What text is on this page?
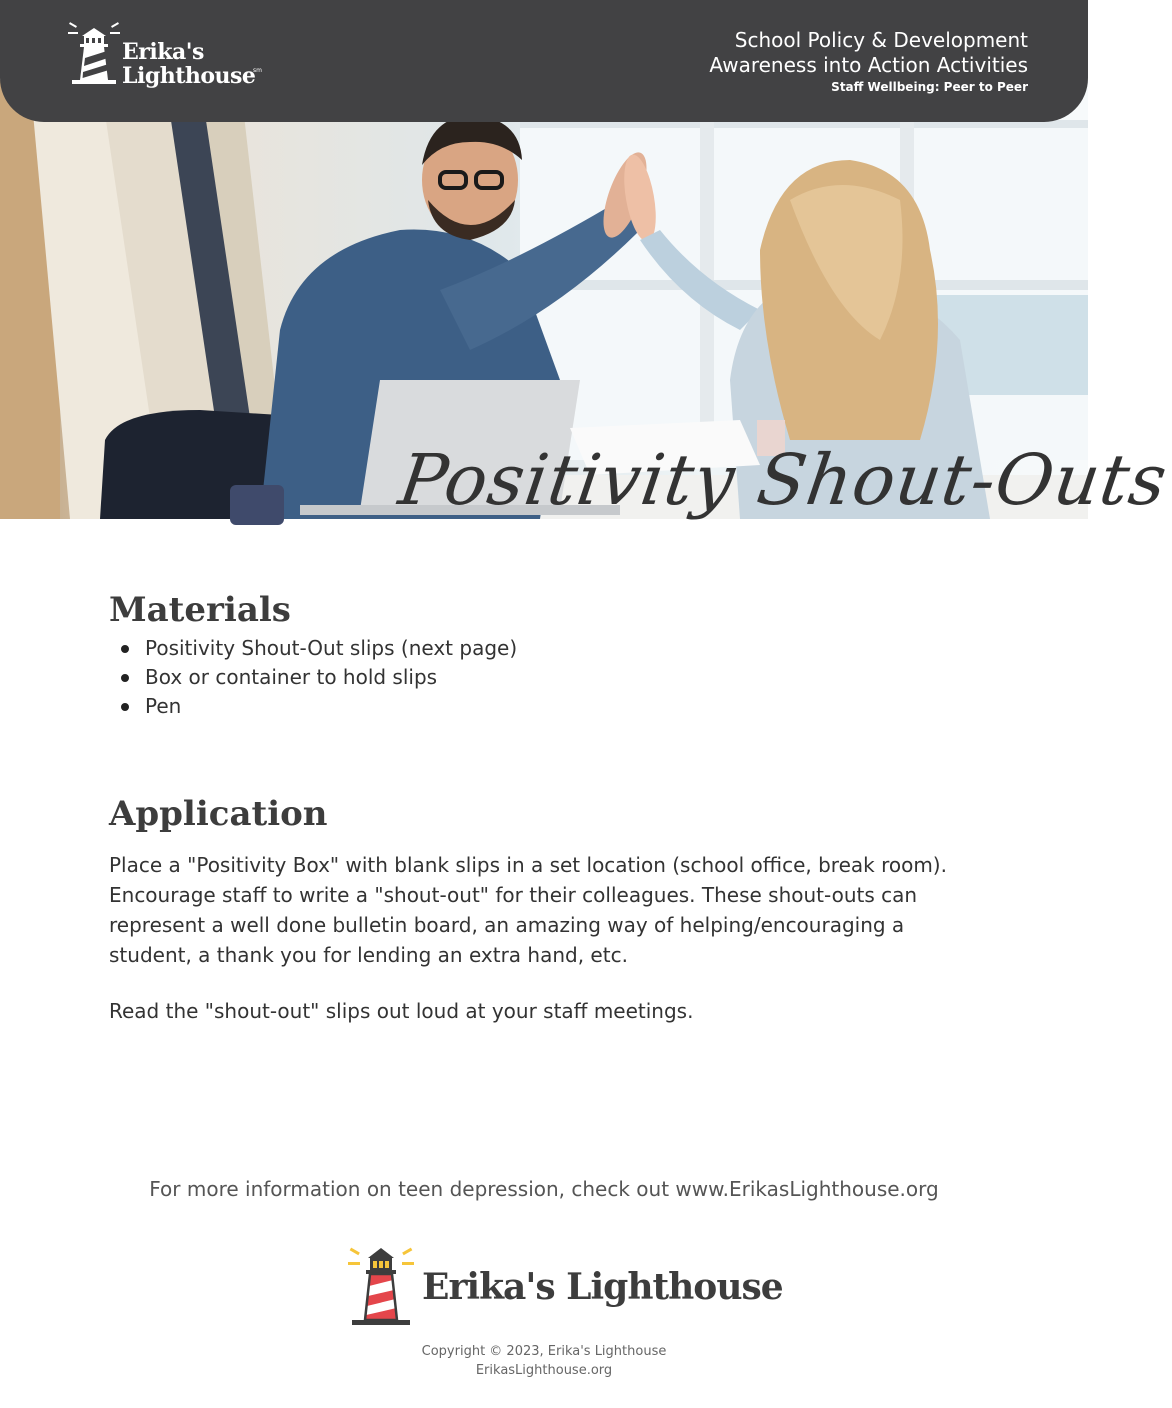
Erika's
Lighthouse
sm
School Policy & Development
Awareness into Action Activities
Staff Wellbeing: Peer to Peer
Positivity Shout-Outs
Materials
Positivity Shout-Out slips (next page)
Box or container to hold slips
Pen
Application

Place a "Positivity Box" with blank slips in a set location (school office, break room). Encourage staff to write a "shout-out" for their colleagues. These shout-outs can represent a well done bulletin board, an amazing way of helping/encouraging a student, a thank you for lending an extra hand, etc.

Read the "shout-out" slips out loud at your staff meetings.

For more information on teen depression, check out www.ErikasLighthouse.org
Erika's Lighthouse
Copyright © 2023, Erika's Lighthouse
ErikasLighthouse.org
